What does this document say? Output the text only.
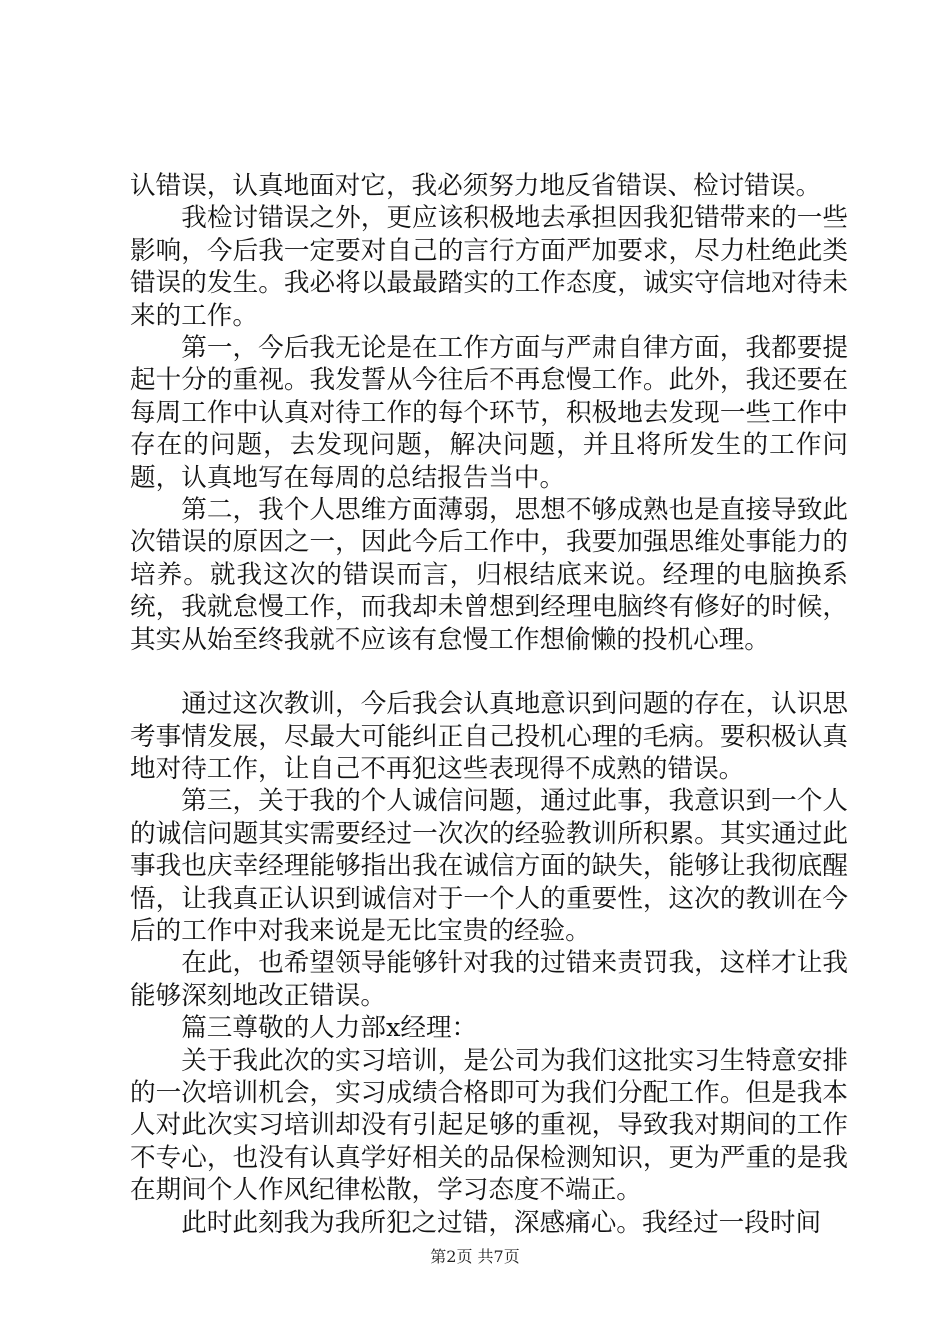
认错误，认真地面对它，我必须努力地反省错误、检讨错误。

我检讨错误之外，更应该积极地去承担因我犯错带来的一些影响，今后我一定要对自己的言行方面严加要求，尽力杜绝此类错误的发生。我必将以最最踏实的工作态度，诚实守信地对待未来的工作。

第一，今后我无论是在工作方面与严肃自律方面，我都要提起十分的重视。我发誓从今往后不再怠慢工作。此外，我还要在每周工作中认真对待工作的每个环节，积极地去发现一些工作中存在的问题，去发现问题，解决问题，并且将所发生的工作问题，认真地写在每周的总结报告当中。

第二，我个人思维方面薄弱，思想不够成熟也是直接导致此次错误的原因之一，因此今后工作中，我要加强思维处事能力的培养。就我这次的错误而言，归根结底来说。经理的电脑换系统，我就怠慢工作，而我却未曾想到经理电脑终有修好的时候，其实从始至终我就不应该有怠慢工作想偷懒的投机心理。

通过这次教训，今后我会认真地意识到问题的存在，认识思考事情发展，尽最大可能纠正自己投机心理的毛病。要积极认真地对待工作，让自己不再犯这些表现得不成熟的错误。

第三，关于我的个人诚信问题，通过此事，我意识到一个人的诚信问题其实需要经过一次次的经验教训所积累。其实通过此事我也庆幸经理能够指出我在诚信方面的缺失，能够让我彻底醒悟，让我真正认识到诚信对于一个人的重要性，这次的教训在今后的工作中对我来说是无比宝贵的经验。

在此，也希望领导能够针对我的过错来责罚我，这样才让我能够深刻地改正错误。

篇三尊敬的人力部x经理：

关于我此次的实习培训，是公司为我们这批实习生特意安排的一次培训机会，实习成绩合格即可为我们分配工作。但是我本人对此次实习培训却没有引起足够的重视，导致我对期间的工作不专心，也没有认真学好相关的品保检测知识，更为严重的是我在期间个人作风纪律松散，学习态度不端正。

此时此刻我为我所犯之过错，深感痛心。我经过一段时间

第2页 共7页
